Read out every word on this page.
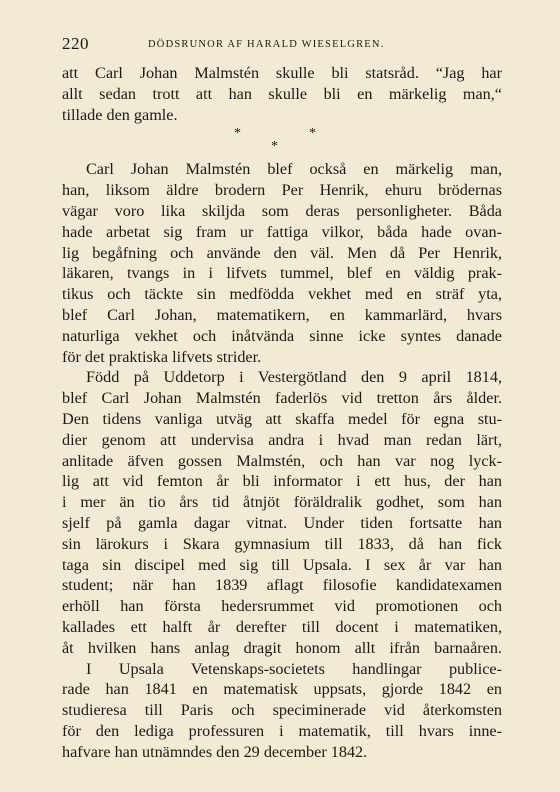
220	DÖDSRUNOR AF HARALD WIESELGREN.
att Carl Johan Malmstén skulle bli statsråd. “Jag har
allt sedan trott att han skulle bli en märkelig man,“
tillade den gamle.
*	*
*
Carl Johan Malmstén blef också en märkelig man,
han, liksom äldre brodern Per Henrik, ehuru brödernas
vägar voro lika skiljda som deras personligheter. Båda
hade arbetat sig fram ur fattiga vilkor, båda hade ovan-
lig begåfning och använde den väl. Men då Per Henrik,
läkaren, tvangs in i lifvets tummel, blef en väldig prak-
tikus och täckte sin medfödda vekhet med en sträf yta,
blef Carl Johan, matematikern, en kammarlärd, hvars
naturliga vekhet och inåtvända sinne icke syntes danade
för det praktiska lifvets strider.
Född på Uddetorp i Vestergötland den 9 april 1814,
blef Carl Johan Malmstén faderlös vid tretton års ålder.
Den tidens vanliga utväg att skaffa medel för egna stu-
dier genom att undervisa andra i hvad man redan lärt,
anlitade äfven gossen Malmstén, och han var nog lyck-
lig att vid femton år bli informator i ett hus, der han
i mer än tio års tid åtnjöt föräldralik godhet, som han
sjelf på gamla dagar vitnat. Under tiden fortsatte han
sin lärokurs i Skara gymnasium till 1833, då han fick
taga sin discipel med sig till Upsala. I sex år var han
student; när han 1839 aflagt filosofie kandidatexamen
erhöll han första hedersrummet vid promotionen och
kallades ett halft år derefter till docent i matematiken,
åt hvilken hans anlag dragit honom allt ifrån barnaåren.
I Upsala Vetenskaps-societets handlingar publice-
rade han 1841 en matematisk uppsats, gjorde 1842 en
studieresa till Paris och speciminerade vid återkomsten
för den lediga professuren i matematik, till hvars inne-
hafvare han utnämndes den 29 december 1842.
